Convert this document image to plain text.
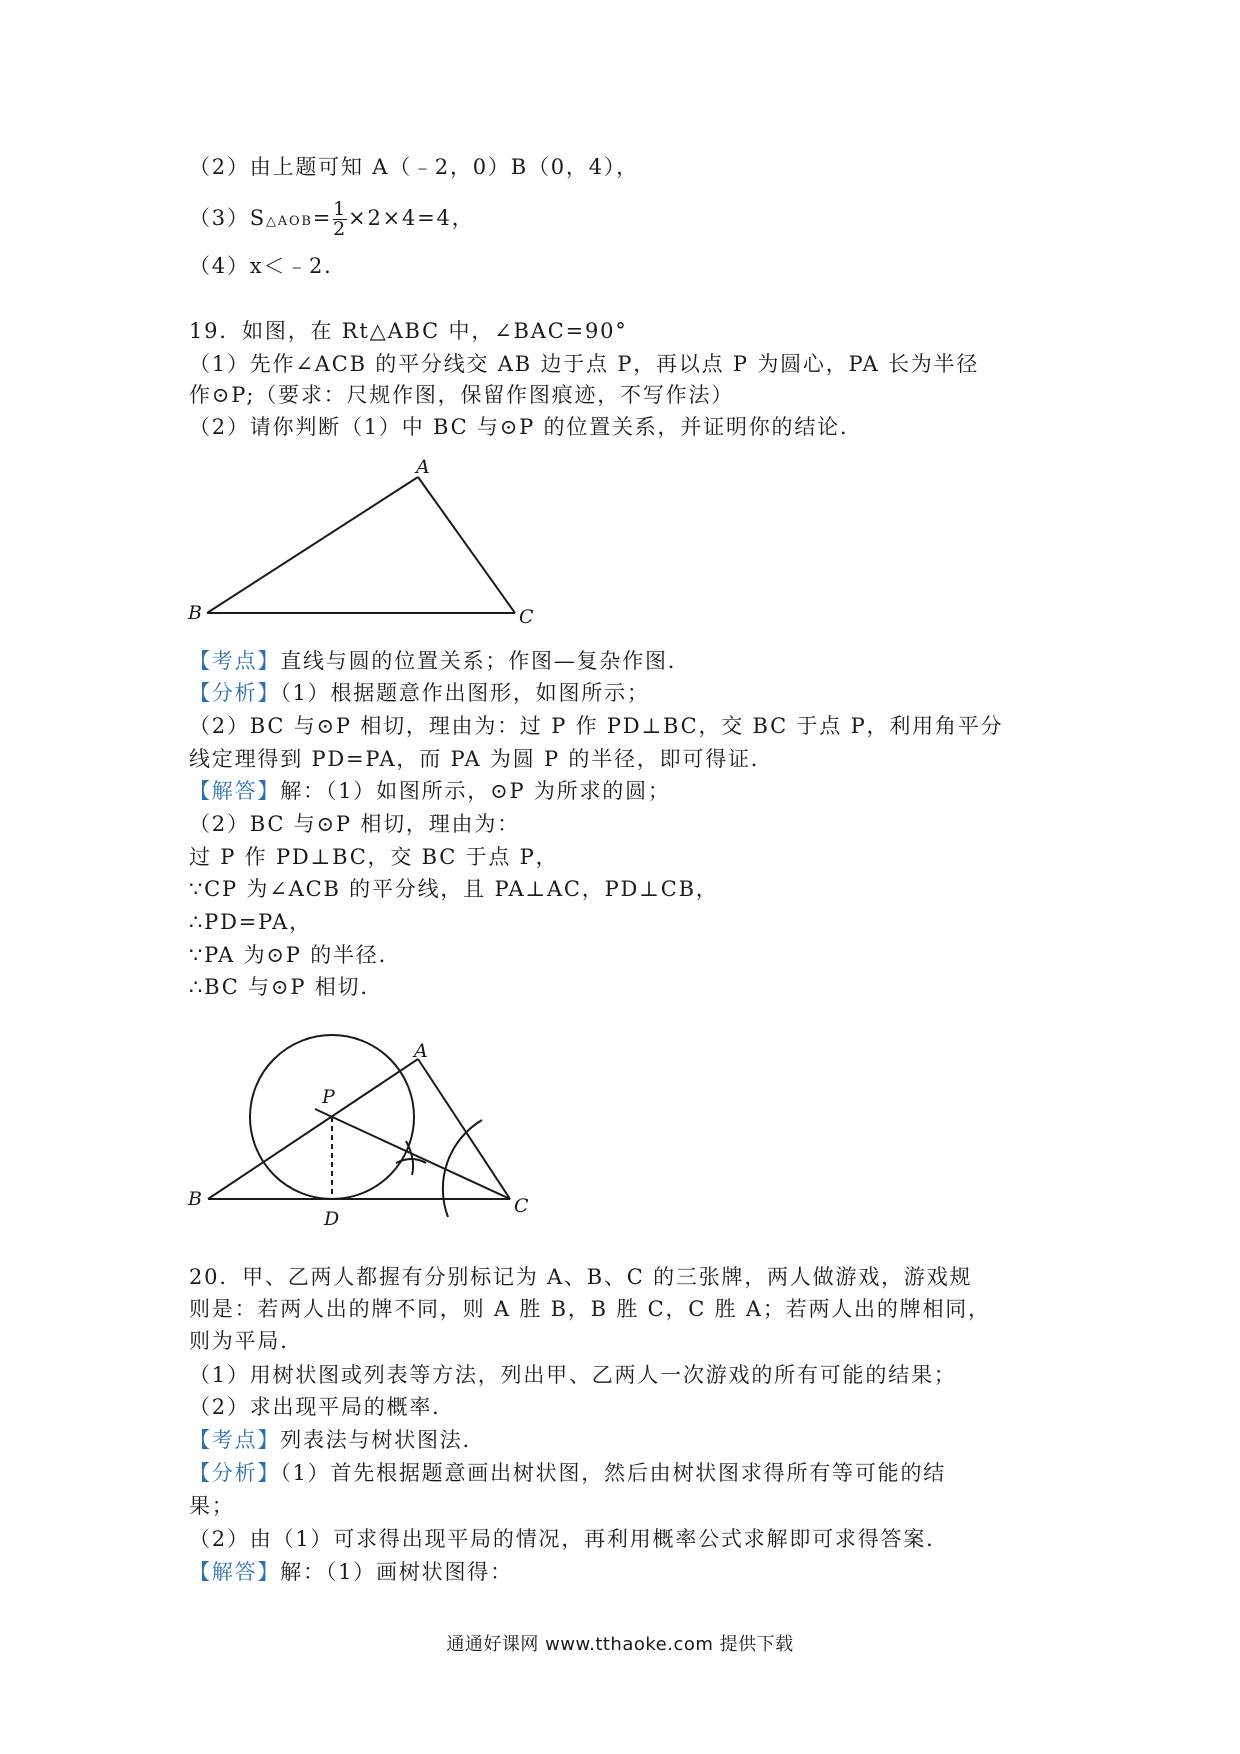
（2）由上题可知 A（﹣2，0）B（0，4），
（3）S△AOB= $\frac{1}{2} \times 2\times 4=4$，
（4）x＜﹣2．
19．如图，在 Rt△ABC 中，∠BAC=90°
（1）先作∠ACB 的平分线交 AB 边于点 P，再以点 P 为圆心，PA 长为半径
作⊙P;（要求：尺规作图，保留作图痕迹，不写作法）
（2）请你判断（1）中 BC 与⊙P 的位置关系，并证明你的结论．
A
B	C
【考点】直线与圆的位置关系；作图—复杂作图．
【分析】（1）根据题意作出图形，如图所示；
（2）BC 与⊙P 相切，理由为：过 P 作 PD⊥BC，交 BC 于点 P，利用角平分
线定理得到 PD=PA，而 PA 为圆 P 的半径，即可得证．
【解答】解：（1）如图所示，⊙P 为所求的圆；
（2）BC 与⊙P 相切，理由为：
过 P 作 PD⊥BC，交 BC 于点 P，
∵CP 为∠ACB 的平分线，且 PA⊥AC，PD⊥CB，
∴PD=PA，
∵PA 为⊙P 的半径．
∴BC 与⊙P 相切．
A
B	C
P
D
20．甲、乙两人都握有分别标记为 A、B、C 的三张牌，两人做游戏，游戏规
则是：若两人出的牌不同，则 A 胜 B，B 胜 C，C 胜 A；若两人出的牌相同，
则为平局．
（1）用树状图或列表等方法，列出甲、乙两人一次游戏的所有可能的结果；
（2）求出现平局的概率．
【考点】列表法与树状图法．
【分析】（1）首先根据题意画出树状图，然后由树状图求得所有等可能的结
果；
（2）由（1）可求得出现平局的情况，再利用概率公式求解即可求得答案．
【解答】解：（1）画树状图得：
通通好课网 www.tthaoke.com 提供下载
